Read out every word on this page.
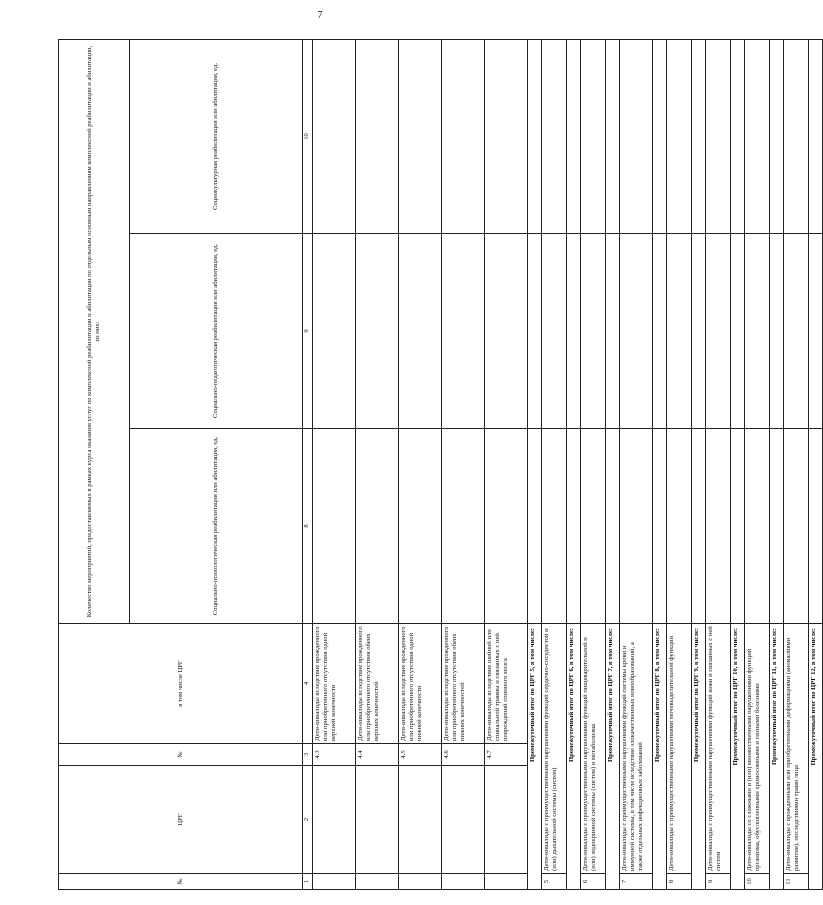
7
№	ЦРГ	№	в том числе ЦРГ	Количество мероприятий, предоставляемых в рамках курса оказания услуг по комплексной реабилитации и абилитации по отдельным основным направлениям комплексной реабилитации и абилитации, из них:		
				Социально-психологическая реабилитация или абилитация, ед.	Социально-педагогическая реабилитация или абилитация, ед.	Социокультурная реабилитация или абилитация, ед.
1	2	3	4	8	9	10
		4.3	Дети-инвалиды вследствие врожденного или приобретенного отсутствия одной верхней конечности			
		4.4	Дети-инвалиды вследствие врожденного или приобретенного отсутствия обеих верхних конечностей			
		4.5	Дети-инвалиды вследствие врожденного или приобретенного отсутствия одной нижней конечности			
		4.6	Дети-инвалиды вследствие врожденного или приобретенного отсутствия обеих нижних конечностей			
		4.7	Дети-инвалиды вследствие шейной или спинальной травмы и связанных с ней повреждений спинного мозга			
Промежуточный итог по ЦРГ 5, в том числе:						
5	Дети-инвалиды с преимущественными нарушениями функций сердечно-сосудистой и (или) дыхательной системы (систем)					
Промежуточный итог по ЦРГ 6, в том числе:						
6	Дети-инвалиды с преимущественными нарушениями функций пищеварительной и (или) эндокринной системы (систем) и метаболизма					
Промежуточный итог по ЦРГ 7, в том числе:						
7	Дети-инвалиды с преимущественными нарушениями функций системы крови и иммунной системы, в том числе вследствие злокачественных новообразований, а также отдельных инфекционных заболеваний					
Промежуточный итог по ЦРГ 8, в том числе:						
8	Дети-инвалиды с преимущественными нарушениями мочевыделительной функции					
Промежуточный итог по ЦРГ 9, в том числе:						
9	Дети-инвалиды с преимущественными нарушениями функций кожи и связанных с ней систем					
Промежуточный итог по ЦРГ 10, в том числе:						
10	Дети-инвалиды со сложными и (или) множественными нарушениями функций организма, обусловленными хромосомными и генными болезнями					
Промежуточный итог по ЦРГ 11, в том числе:						
11	Дети-инвалиды с врожденными или приобретенными деформациями (аномалиями развития), последствиями травм лица					
Промежуточный итог по ЦРГ 12, в том числе:						
